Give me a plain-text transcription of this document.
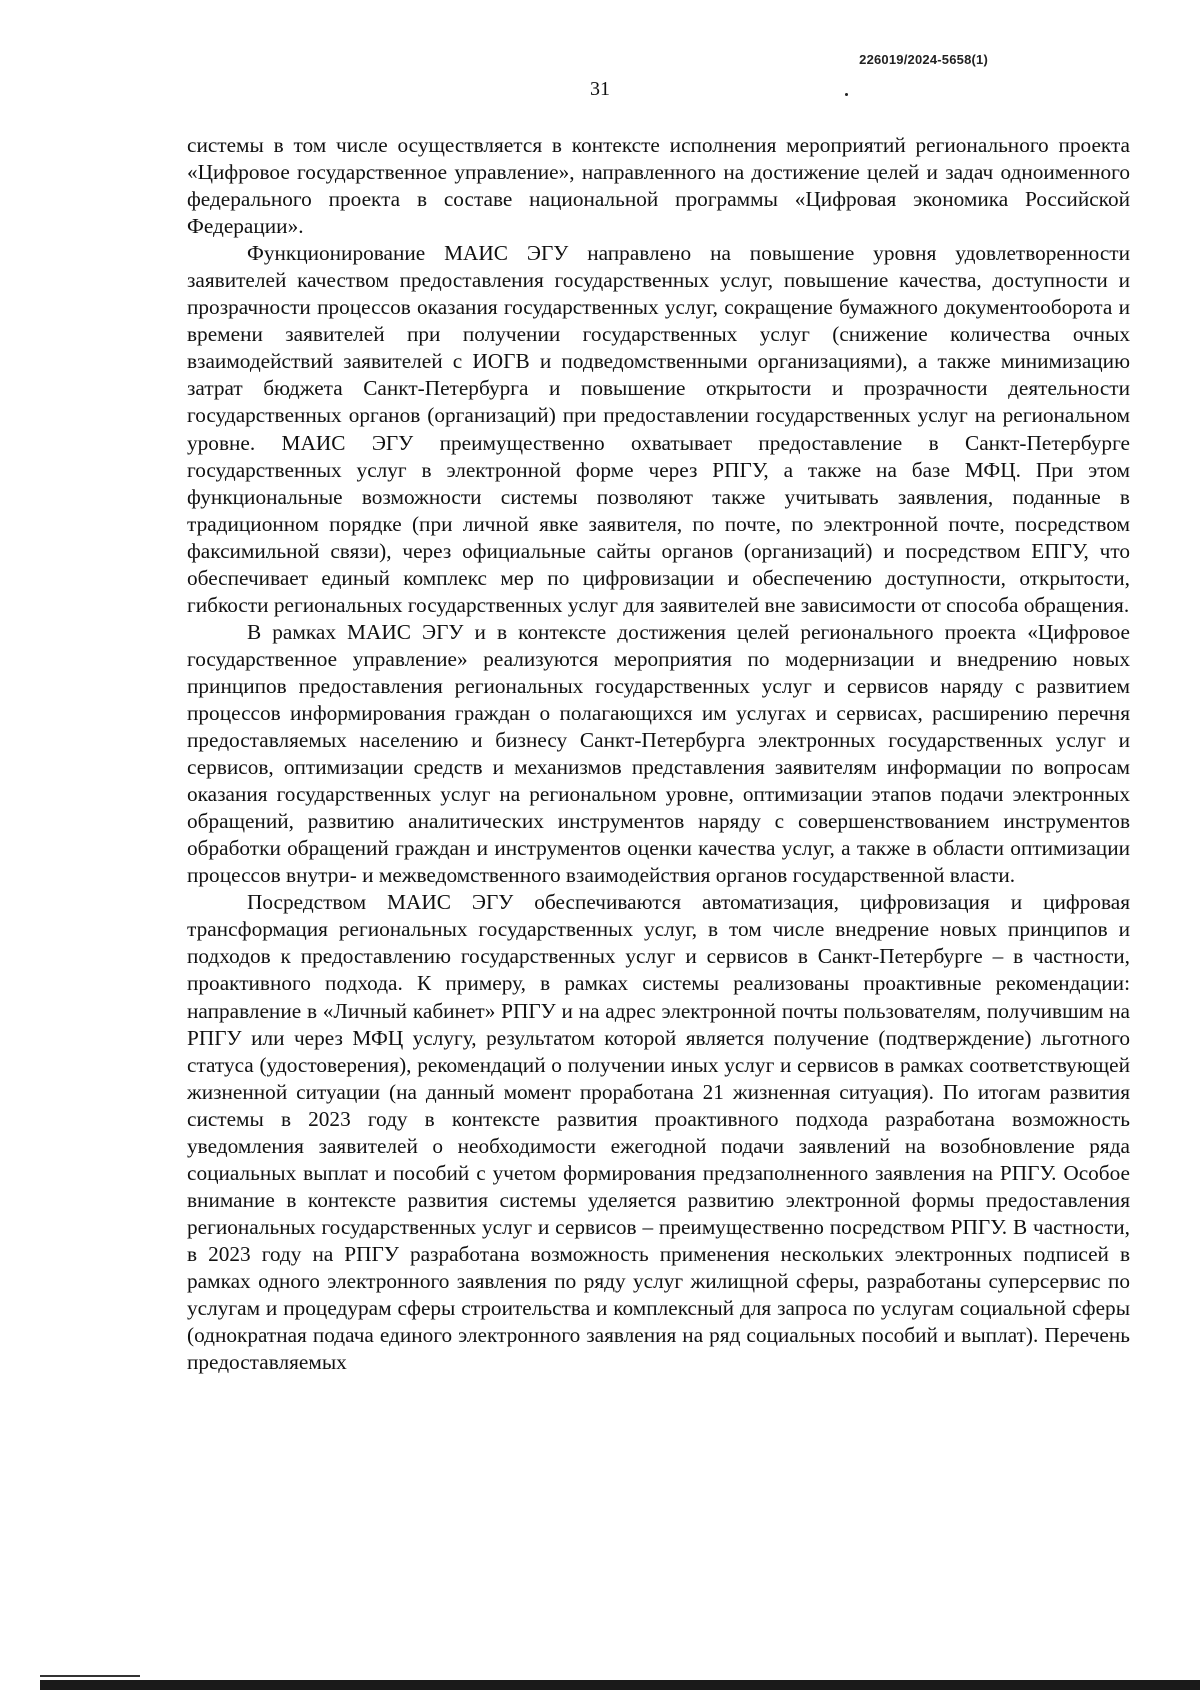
226019/2024-5658(1)
31

системы в том числе осуществляется в контексте исполнения мероприятий регионального проекта «Цифровое государственное управление», направленного на достижение целей и задач одноименного федерального проекта в составе национальной программы «Цифровая экономика Российской Федерации».

Функционирование МАИС ЭГУ направлено на повышение уровня удовлетворенности заявителей качеством предоставления государственных услуг, повышение качества, доступности и прозрачности процессов оказания государственных услуг, сокращение бумажного документооборота и времени заявителей при получении государственных услуг (снижение количества очных взаимодействий заявителей с ИОГВ и подведомственными организациями), а также минимизацию затрат бюджета Санкт-Петербурга и повышение открытости и прозрачности деятельности государственных органов (организаций) при предоставлении государственных услуг на региональном уровне. МАИС ЭГУ преимущественно охватывает предоставление в Санкт-Петербурге государственных услуг в электронной форме через РПГУ, а также на базе МФЦ. При этом функциональные возможности системы позволяют также учитывать заявления, поданные в традиционном порядке (при личной явке заявителя, по почте, по электронной почте, посредством факсимильной связи), через официальные сайты органов (организаций) и посредством ЕПГУ, что обеспечивает единый комплекс мер по цифровизации и обеспечению доступности, открытости, гибкости региональных государственных услуг для заявителей вне зависимости от способа обращения.

В рамках МАИС ЭГУ и в контексте достижения целей регионального проекта «Цифровое государственное управление» реализуются мероприятия по модернизации и внедрению новых принципов предоставления региональных государственных услуг и сервисов наряду с развитием процессов информирования граждан о полагающихся им услугах и сервисах, расширению перечня предоставляемых населению и бизнесу Санкт-Петербурга электронных государственных услуг и сервисов, оптимизации средств и механизмов представления заявителям информации по вопросам оказания государственных услуг на региональном уровне, оптимизации этапов подачи электронных обращений, развитию аналитических инструментов наряду с совершенствованием инструментов обработки обращений граждан и инструментов оценки качества услуг, а также в области оптимизации процессов внутри- и межведомственного взаимодействия органов государственной власти.

Посредством МАИС ЭГУ обеспечиваются автоматизация, цифровизация и цифровая трансформация региональных государственных услуг, в том числе внедрение новых принципов и подходов к предоставлению государственных услуг и сервисов в Санкт-Петербурге – в частности, проактивного подхода. К примеру, в рамках системы реализованы проактивные рекомендации: направление в «Личный кабинет» РПГУ и на адрес электронной почты пользователям, получившим на РПГУ или через МФЦ услугу, результатом которой является получение (подтверждение) льготного статуса (удостоверения), рекомендаций о получении иных услуг и сервисов в рамках соответствующей жизненной ситуации (на данный момент проработана 21 жизненная ситуация). По итогам развития системы в 2023 году в контексте развития проактивного подхода разработана возможность уведомления заявителей о необходимости ежегодной подачи заявлений на возобновление ряда социальных выплат и пособий с учетом формирования предзаполненного заявления на РПГУ. Особое внимание в контексте развития системы уделяется развитию электронной формы предоставления региональных государственных услуг и сервисов – преимущественно посредством РПГУ. В частности, в 2023 году на РПГУ разработана возможность применения нескольких электронных подписей в рамках одного электронного заявления по ряду услуг жилищной сферы, разработаны суперсервис по услугам и процедурам сферы строительства и комплексный для запроса по услугам социальной сферы (однократная подача единого электронного заявления на ряд социальных пособий и выплат). Перечень предоставляемых
